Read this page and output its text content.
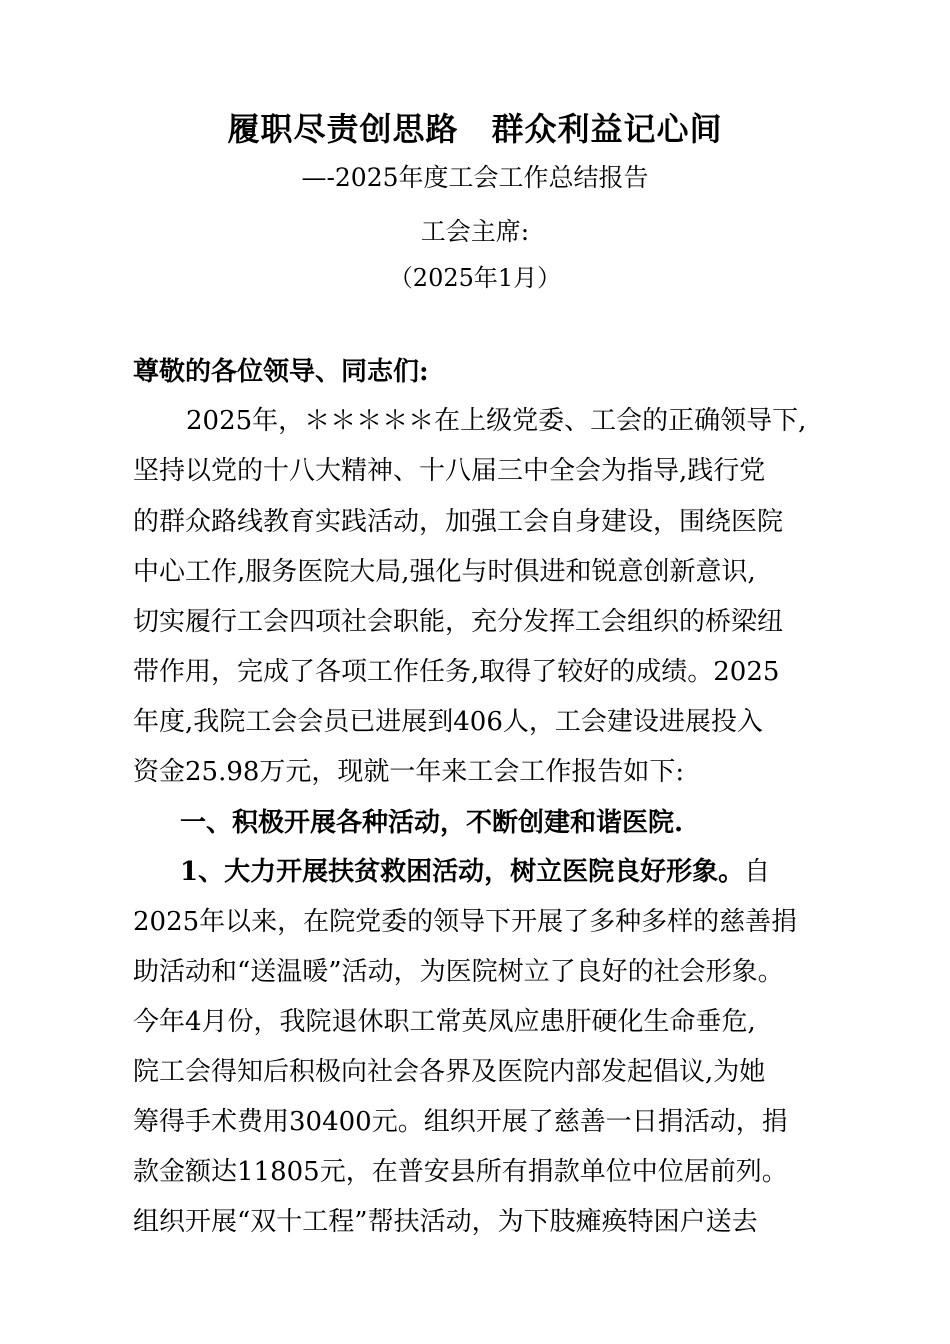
履职尽责创思路　群众利益记心间
—-2025年度工会工作总结报告
工会主席:
（2025年1月）
尊敬的各位领导、同志们:
2025年，＊＊＊＊＊在上级党委、工会的正确领导下,
坚持以党的十八大精神、十八届三中全会为指导,践行党
的群众路线教育实践活动，加强工会自身建设，围绕医院
中心工作,服务医院大局,强化与时俱进和锐意创新意识,
切实履行工会四项社会职能，充分发挥工会组织的桥梁纽
带作用，完成了各项工作任务,取得了较好的成绩。2025
年度,我院工会会员已进展到406人，工会建设进展投入
资金25.98万元，现就一年来工会工作报告如下:
一、积极开展各种活动，不断创建和谐医院.
1、大力开展扶贫救困活动，树立医院良好形象。自
2025年以来，在院党委的领导下开展了多种多样的慈善捐
助活动和“送温暖”活动，为医院树立了良好的社会形象。
今年4月份，我院退休职工常英凤应患肝硬化生命垂危,
院工会得知后积极向社会各界及医院内部发起倡议,为她
筹得手术费用30400元。组织开展了慈善一日捐活动，捐
款金额达11805元，在普安县所有捐款单位中位居前列。
组织开展“双十工程”帮扶活动，为下肢瘫痪特困户送去
